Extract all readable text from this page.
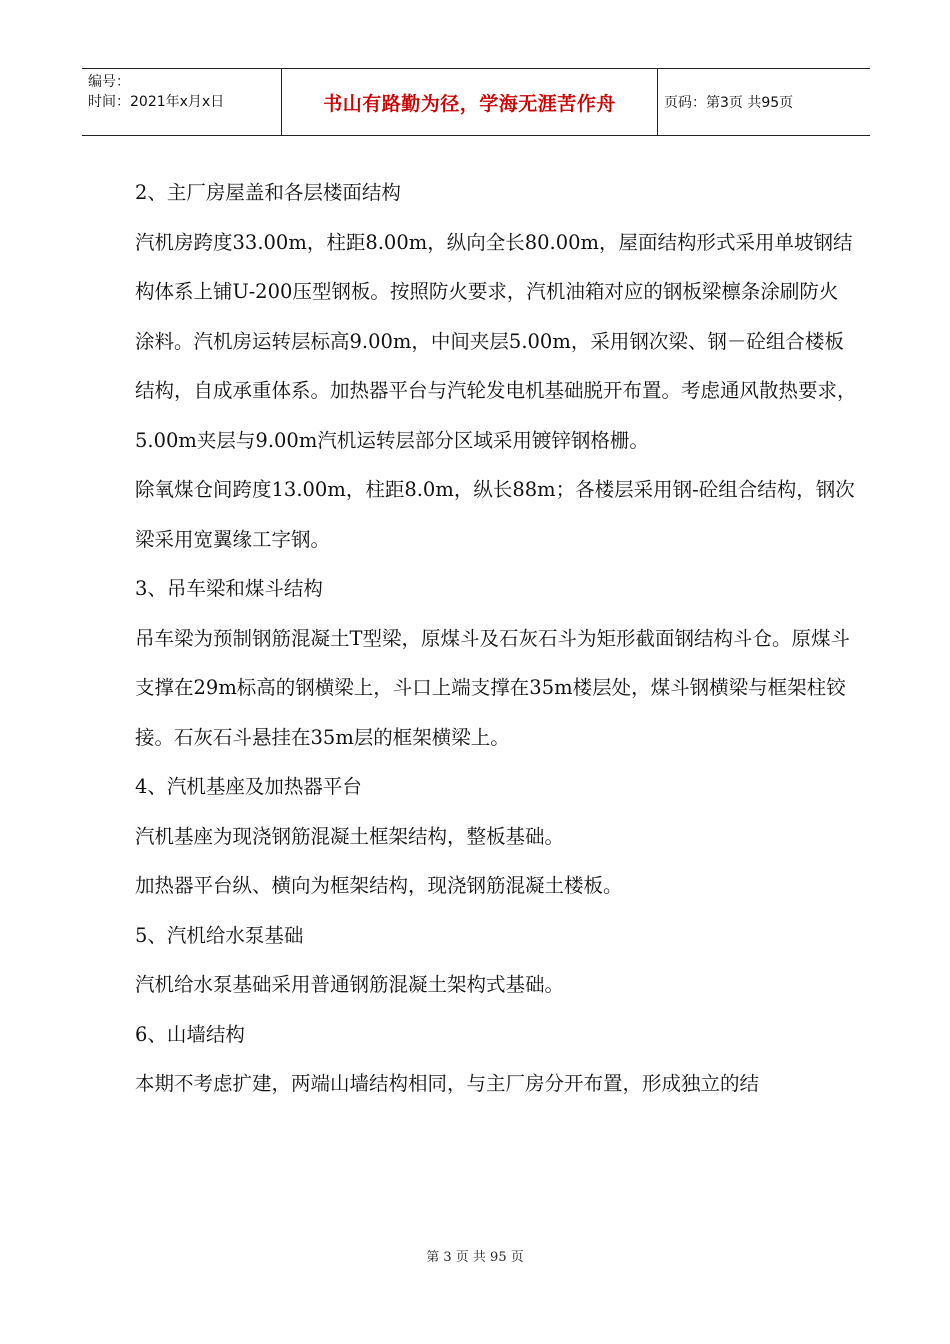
编号：
时间：2021年x月x日	书山有路勤为径，学海无涯苦作舟	页码：第3页 共95页

2、主厂房屋盖和各层楼面结构

汽机房跨度33.00m，柱距8.00m，纵向全长80.00m，屋面结构形式采用单坡钢结构体系上铺U-200压型钢板。按照防火要求，汽机油箱对应的钢板梁檩条涂刷防火涂料。汽机房运转层标高9.00m，中间夹层5.00m，采用钢次梁、钢－砼组合楼板结构，自成承重体系。加热器平台与汽轮发电机基础脱开布置。考虑通风散热要求，5.00m夹层与9.00m汽机运转层部分区域采用镀锌钢格栅。

除氧煤仓间跨度13.00m，柱距8.0m，纵长88m；各楼层采用钢-砼组合结构，钢次梁采用宽翼缘工字钢。

3、吊车梁和煤斗结构

吊车梁为预制钢筋混凝土T型梁，原煤斗及石灰石斗为矩形截面钢结构斗仓。原煤斗支撑在29m标高的钢横梁上，斗口上端支撑在35m楼层处，煤斗钢横梁与框架柱铰接。石灰石斗悬挂在35m层的框架横梁上。

4、汽机基座及加热器平台

汽机基座为现浇钢筋混凝土框架结构，整板基础。

加热器平台纵、横向为框架结构，现浇钢筋混凝土楼板。

5、汽机给水泵基础

汽机给水泵基础采用普通钢筋混凝土架构式基础。

6、山墙结构

本期不考虑扩建，两端山墙结构相同，与主厂房分开布置，形成独立的结

第 3 页 共 95 页
